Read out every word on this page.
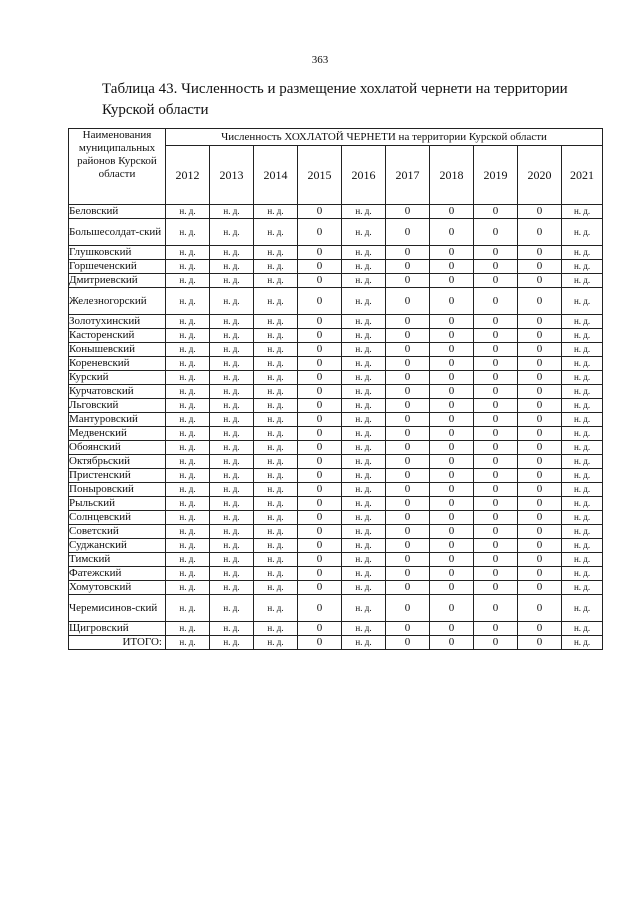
363
Таблица 43. Численность и размещение хохлатой чернети на территории
Курской области
Наименования муниципальных районов Курской области	Численность ХОХЛАТОЙ ЧЕРНЕТИ на территории Курской области									
	2012	2013	2014	2015	2016	2017	2018	2019	2020	2021
Беловский	н. д.	н. д.	н. д.	0	н. д.	0	0	0	0	н. д.
Большесолдат-ский	н. д.	н. д.	н. д.	0	н. д.	0	0	0	0	н. д.
Глушковский	н. д.	н. д.	н. д.	0	н. д.	0	0	0	0	н. д.
Горшеченский	н. д.	н. д.	н. д.	0	н. д.	0	0	0	0	н. д.
Дмитриевский	н. д.	н. д.	н. д.	0	н. д.	0	0	0	0	н. д.
Железногорский	н. д.	н. д.	н. д.	0	н. д.	0	0	0	0	н. д.
Золотухинский	н. д.	н. д.	н. д.	0	н. д.	0	0	0	0	н. д.
Касторенский	н. д.	н. д.	н. д.	0	н. д.	0	0	0	0	н. д.
Конышевский	н. д.	н. д.	н. д.	0	н. д.	0	0	0	0	н. д.
Кореневский	н. д.	н. д.	н. д.	0	н. д.	0	0	0	0	н. д.
Курский	н. д.	н. д.	н. д.	0	н. д.	0	0	0	0	н. д.
Курчатовский	н. д.	н. д.	н. д.	0	н. д.	0	0	0	0	н. д.
Льговский	н. д.	н. д.	н. д.	0	н. д.	0	0	0	0	н. д.
Мантуровский	н. д.	н. д.	н. д.	0	н. д.	0	0	0	0	н. д.
Медвенский	н. д.	н. д.	н. д.	0	н. д.	0	0	0	0	н. д.
Обоянский	н. д.	н. д.	н. д.	0	н. д.	0	0	0	0	н. д.
Октябрьский	н. д.	н. д.	н. д.	0	н. д.	0	0	0	0	н. д.
Пристенский	н. д.	н. д.	н. д.	0	н. д.	0	0	0	0	н. д.
Поныровский	н. д.	н. д.	н. д.	0	н. д.	0	0	0	0	н. д.
Рыльский	н. д.	н. д.	н. д.	0	н. д.	0	0	0	0	н. д.
Солнцевский	н. д.	н. д.	н. д.	0	н. д.	0	0	0	0	н. д.
Советский	н. д.	н. д.	н. д.	0	н. д.	0	0	0	0	н. д.
Суджанский	н. д.	н. д.	н. д.	0	н. д.	0	0	0	0	н. д.
Тимский	н. д.	н. д.	н. д.	0	н. д.	0	0	0	0	н. д.
Фатежский	н. д.	н. д.	н. д.	0	н. д.	0	0	0	0	н. д.
Хомутовский	н. д.	н. д.	н. д.	0	н. д.	0	0	0	0	н. д.
Черемисинов-ский	н. д.	н. д.	н. д.	0	н. д.	0	0	0	0	н. д.
Щигровский	н. д.	н. д.	н. д.	0	н. д.	0	0	0	0	н. д.
ИТОГО:	н. д.	н. д.	н. д.	0	н. д.	0	0	0	0	н. д.
